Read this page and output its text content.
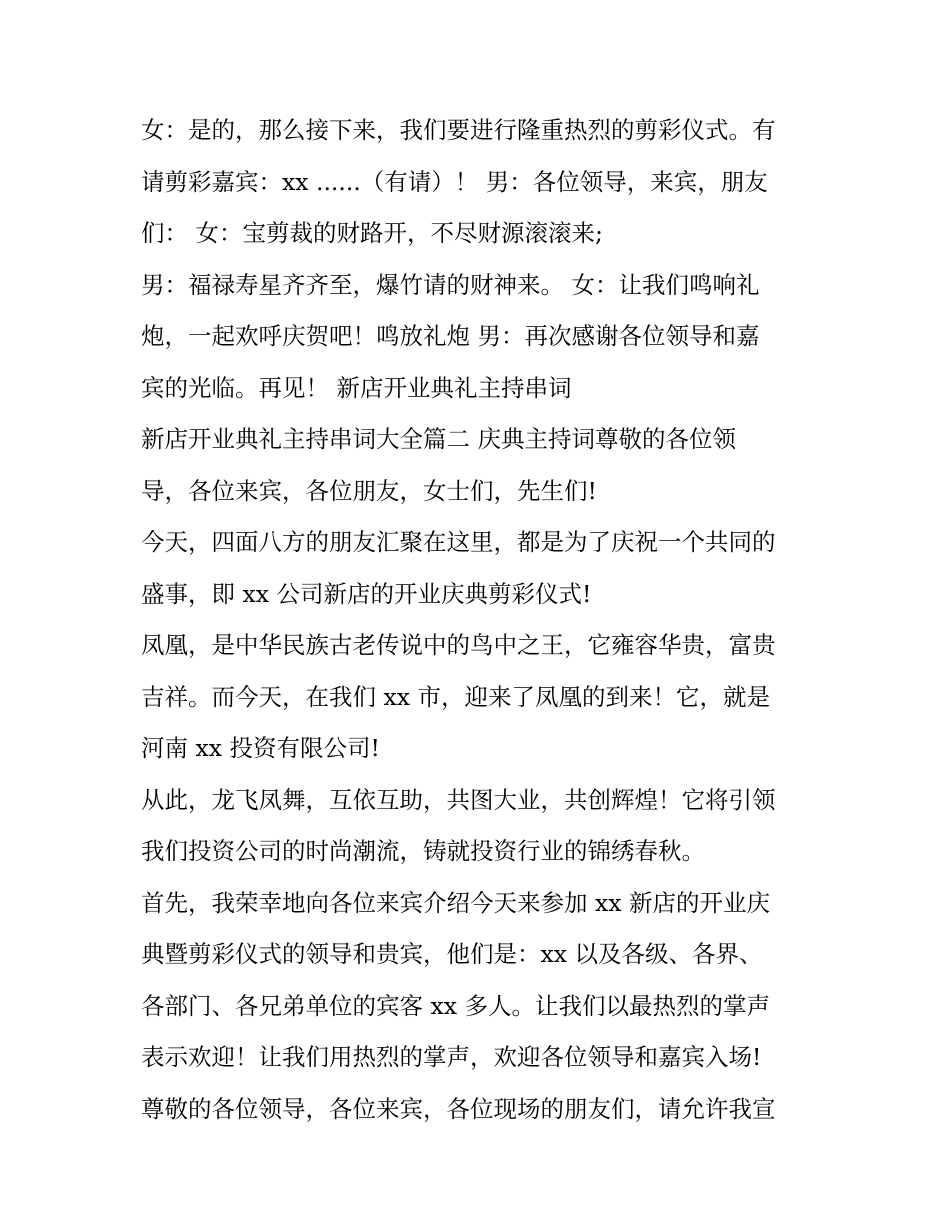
女：是的，那么接下来，我们要进行隆重热烈的剪彩仪式。有
请剪彩嘉宾：xx ......（有请）！ 男：各位领导，来宾，朋友
们： 女：宝剪裁的财路开，不尽财源滚滚来;
男：福禄寿星齐齐至，爆竹请的财神来。 女：让我们鸣响礼
炮，一起欢呼庆贺吧！鸣放礼炮 男：再次感谢各位领导和嘉
宾的光临。再见！ 新店开业典礼主持串词
新店开业典礼主持串词大全篇二 庆典主持词尊敬的各位领
导，各位来宾，各位朋友，女士们，先生们!
今天，四面八方的朋友汇聚在这里，都是为了庆祝一个共同的
盛事，即 xx 公司新店的开业庆典剪彩仪式!
凤凰，是中华民族古老传说中的鸟中之王，它雍容华贵，富贵
吉祥。而今天，在我们 xx 市，迎来了凤凰的到来！它，就是
河南 xx 投资有限公司!
从此，龙飞凤舞，互依互助，共图大业，共创辉煌！它将引领
我们投资公司的时尚潮流，铸就投资行业的锦绣春秋。
首先，我荣幸地向各位来宾介绍今天来参加 xx 新店的开业庆
典暨剪彩仪式的领导和贵宾，他们是：xx 以及各级、各界、
各部门、各兄弟单位的宾客 xx 多人。让我们以最热烈的掌声
表示欢迎！让我们用热烈的掌声，欢迎各位领导和嘉宾入场!
尊敬的各位领导，各位来宾，各位现场的朋友们，请允许我宣
